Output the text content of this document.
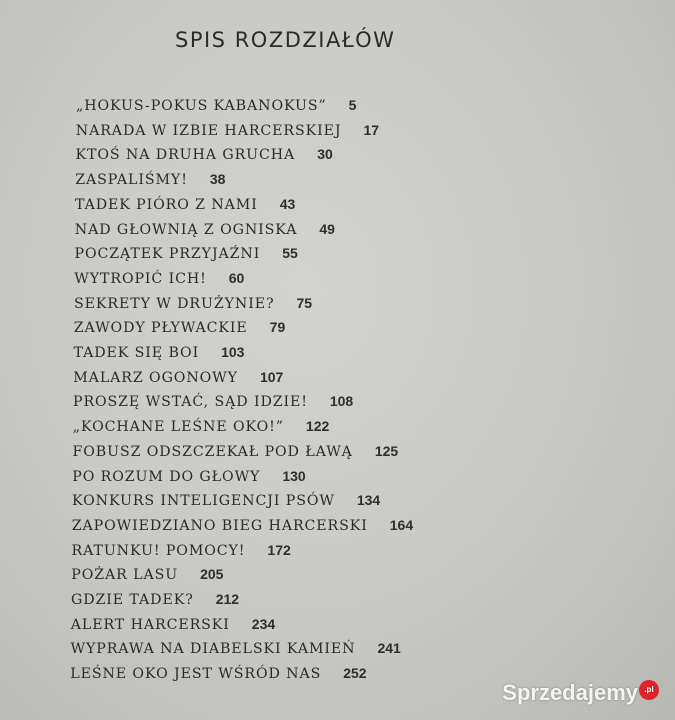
SPIS ROZDZIAŁÓW
„HOKUS-POKUS KABANOKUS” 5
NARADA W IZBIE HARCERSKIEJ 17
KTOŚ NA DRUHA GRUCHA 30
ZASPALIŚMY! 38
TADEK PIÓRO Z NAMI 43
NAD GŁOWNIĄ Z OGNISKA 49
POCZĄTEK PRZYJAŹNI 55
WYTROPIĆ ICH! 60
SEKRETY W DRUŻYNIE? 75
ZAWODY PŁYWACKIE 79
TADEK SIĘ BOI 103
MALARZ OGONOWY 107
PROSZĘ WSTAĆ, SĄD IDZIE! 108
„KOCHANE LEŚNE OKO!” 122
FOBUSZ ODSZCZEKAŁ POD ŁAWĄ 125
PO ROZUM DO GŁOWY 130
KONKURS INTELIGENCJI PSÓW 134
ZAPOWIEDZIANO BIEG HARCERSKI 164
RATUNKU! POMOCY! 172
POŻAR LASU 205
GDZIE TADEK? 212
ALERT HARCERSKI 234
WYPRAWA NA DIABELSKI KAMIEŃ 241
LEŚNE OKO JEST WŚRÓD NAS 252
Sprzedajemy $^{.pl}$
